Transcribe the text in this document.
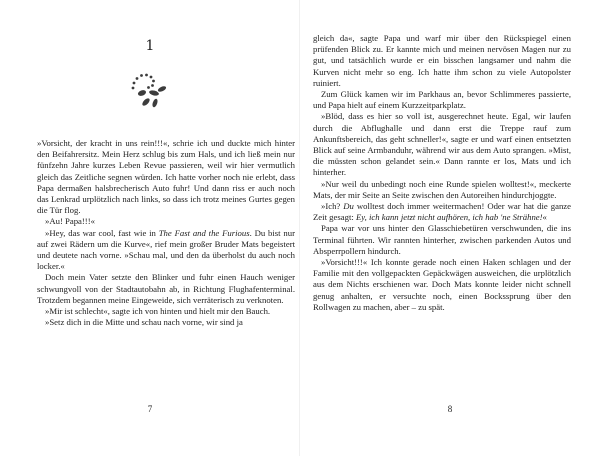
1

»Vorsicht, der kracht in uns rein!!!«, schrie ich und duckte mich hinter den Beifahrersitz. Mein Herz schlug bis zum Hals, und ich ließ mein nur fünfzehn Jahre kurzes Leben Revue passieren, weil wir hier vermutlich gleich das Zeitliche segnen würden. Ich hatte vorher noch nie erlebt, dass Papa dermaßen halsbrecherisch Auto fuhr! Und dann riss er auch noch das Lenkrad urplötzlich nach links, so dass ich trotz meines Gurtes gegen die Tür flog.

»Au! Papa!!!«

»Hey, das war cool, fast wie in The Fast and the Furious. Du bist nur auf zwei Rädern um die Kurve«, rief mein großer Bruder Mats begeistert und deutete nach vorne. »Schau mal, und den da überholst du auch noch locker.«

Doch mein Vater setzte den Blinker und fuhr einen Hauch weniger schwungvoll von der Stadtautobahn ab, in Richtung Flughafenterminal. Trotzdem begannen meine Eingeweide, sich verräterisch zu verknoten.

»Mir ist schlecht«, sagte ich von hinten und hielt mir den Bauch.

»Setz dich in die Mitte und schau nach vorne, wir sind ja

7

gleich da«, sagte Papa und warf mir über den Rückspiegel einen prüfenden Blick zu. Er kannte mich und meinen nervösen Magen nur zu gut, und tatsächlich wurde er ein bisschen langsamer und nahm die Kurven nicht mehr so eng. Ich hatte ihm schon zu viele Autopolster ruiniert.

Zum Glück kamen wir im Parkhaus an, bevor Schlimmeres passierte, und Papa hielt auf einem Kurzzeitparkplatz.

»Blöd, dass es hier so voll ist, ausgerechnet heute. Egal, wir laufen durch die Abflughalle und dann erst die Treppe rauf zum Ankunftsbereich, das geht schneller!«, sagte er und warf einen entsetzten Blick auf seine Armbanduhr, während wir aus dem Auto sprangen. »Mist, die müssten schon gelandet sein.« Dann rannte er los, Mats und ich hinterher.

»Nur weil du unbedingt noch eine Runde spielen wolltest!«, meckerte Mats, der mir Seite an Seite zwischen den Autoreihen hindurchjoggte.

»Ich? Du wolltest doch immer weitermachen! Oder war hat die ganze Zeit gesagt: Ey, ich kann jetzt nicht aufhören, ich hab 'ne Strähne!«

Papa war vor uns hinter den Glasschiebetüren verschwunden, die ins Terminal führten. Wir rannten hinterher, zwischen parkenden Autos und Absperrpollern hindurch.

»Vorsicht!!!« Ich konnte gerade noch einen Haken schlagen und der Familie mit den vollgepackten Gepäckwägen ausweichen, die urplötzlich aus dem Nichts erschienen war. Doch Mats konnte leider nicht schnell genug anhalten, er versuchte noch, einen Bockssprung über den Rollwagen zu machen, aber – zu spät.

8
